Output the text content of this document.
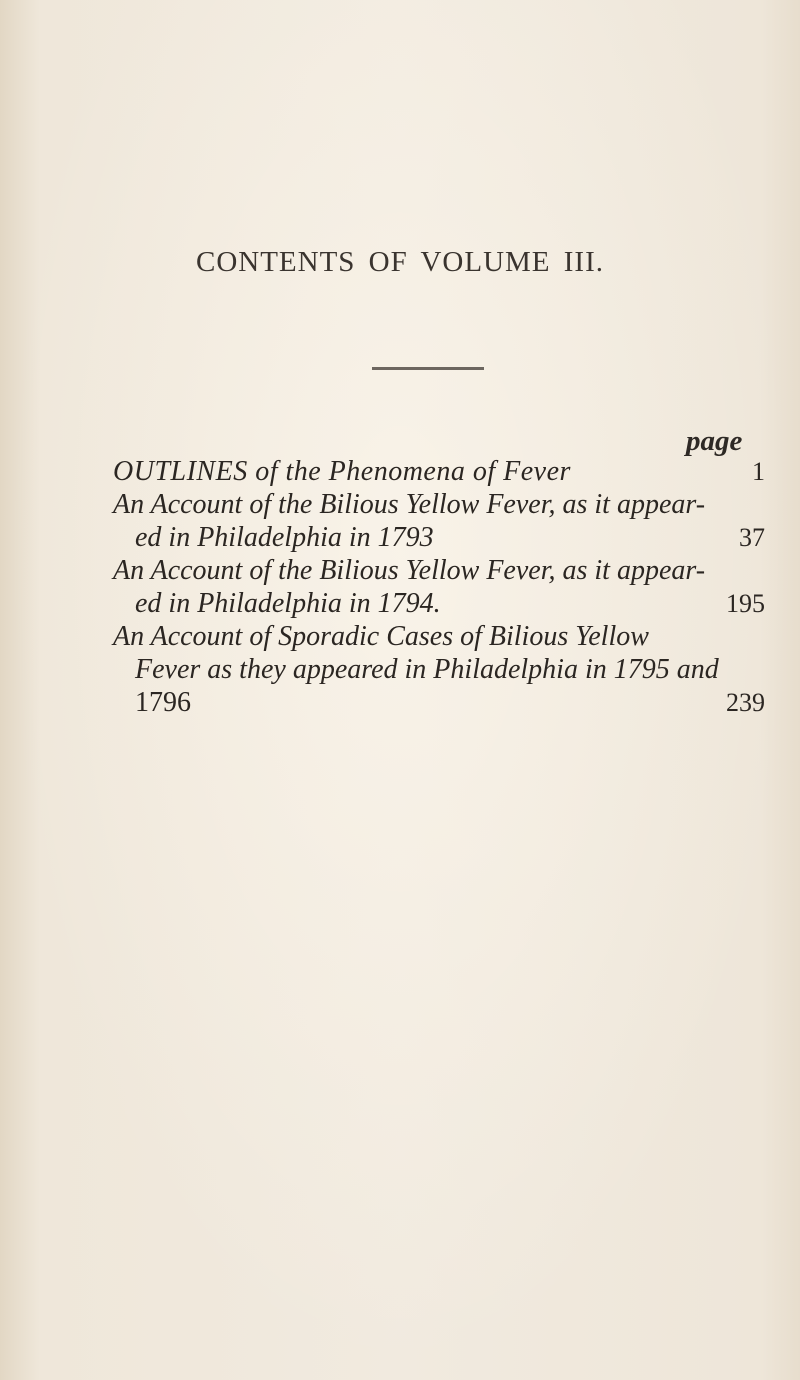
CONTENTS OF VOLUME III.
page
OUTLINES of the Phenomena of Fever	1
An Account of the Bilious Yellow Fever, as it appear-
ed in Philadelphia in 1793	37
An Account of the Bilious Yellow Fever, as it appear-
ed in Philadelphia in 1794.	195
An Account of Sporadic Cases of Bilious Yellow
Fever as they appeared in Philadelphia in 1795 and
1796	239
